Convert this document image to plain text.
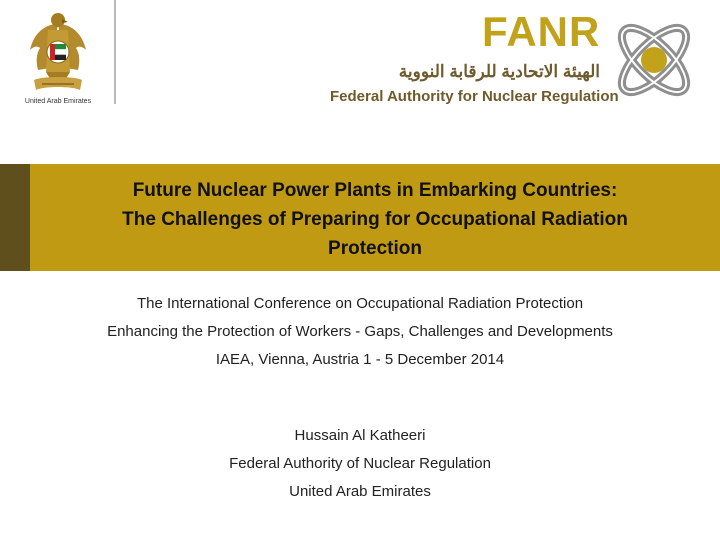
United Arab Emirates
FANR
الهيئة الاتحادية للرقابة النووية
Federal Authority for Nuclear Regulation
Future Nuclear Power Plants in Embarking Countries:
The Challenges of Preparing for Occupational Radiation
Protection
The International Conference on Occupational Radiation Protection
Enhancing the Protection of Workers - Gaps, Challenges and Developments
IAEA, Vienna, Austria 1 - 5 December 2014
Hussain Al Katheeri
Federal Authority of Nuclear Regulation
United Arab Emirates
